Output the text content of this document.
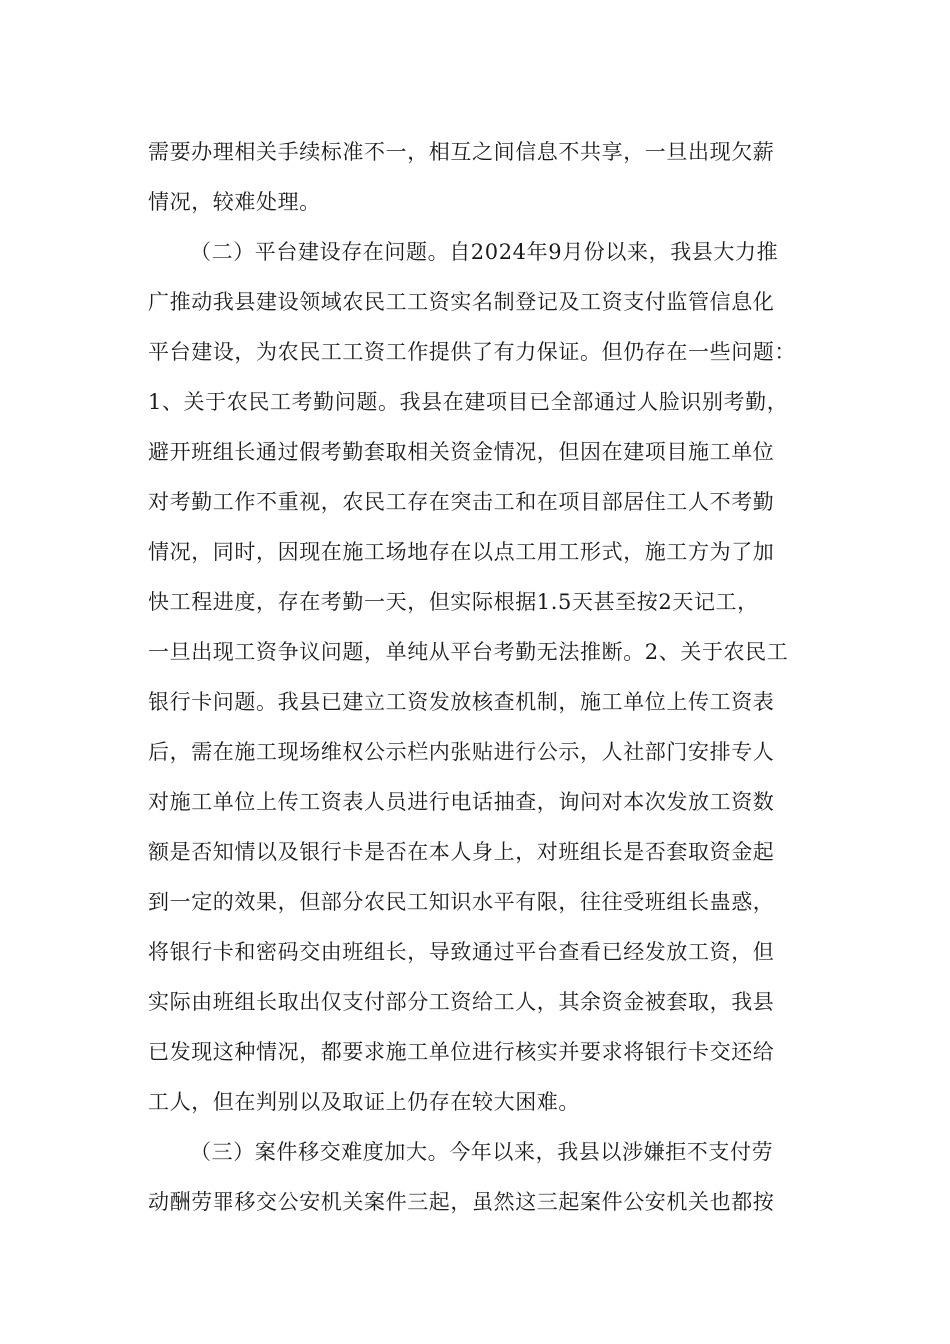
需要办理相关手续标准不一，相互之间信息不共享，一旦出现欠薪
情况，较难处理。
（二）平台建设存在问题。自2024年9月份以来，我县大力推
广推动我县建设领域农民工工资实名制登记及工资支付监管信息化
平台建设，为农民工工资工作提供了有力保证。但仍存在一些问题：
1、关于农民工考勤问题。我县在建项目已全部通过人脸识别考勤，
避开班组长通过假考勤套取相关资金情况，但因在建项目施工单位
对考勤工作不重视，农民工存在突击工和在项目部居住工人不考勤
情况，同时，因现在施工场地存在以点工用工形式，施工方为了加
快工程进度，存在考勤一天，但实际根据1.5天甚至按2天记工，
一旦出现工资争议问题，单纯从平台考勤无法推断。2、关于农民工
银行卡问题。我县已建立工资发放核查机制，施工单位上传工资表
后，需在施工现场维权公示栏内张贴进行公示，人社部门安排专人
对施工单位上传工资表人员进行电话抽查，询问对本次发放工资数
额是否知情以及银行卡是否在本人身上，对班组长是否套取资金起
到一定的效果，但部分农民工知识水平有限，往往受班组长蛊惑，
将银行卡和密码交由班组长，导致通过平台查看已经发放工资，但
实际由班组长取出仅支付部分工资给工人，其余资金被套取，我县
已发现这种情况，都要求施工单位进行核实并要求将银行卡交还给
工人，但在判别以及取证上仍存在较大困难。
（三）案件移交难度加大。今年以来，我县以涉嫌拒不支付劳
动酬劳罪移交公安机关案件三起，虽然这三起案件公安机关也都按
